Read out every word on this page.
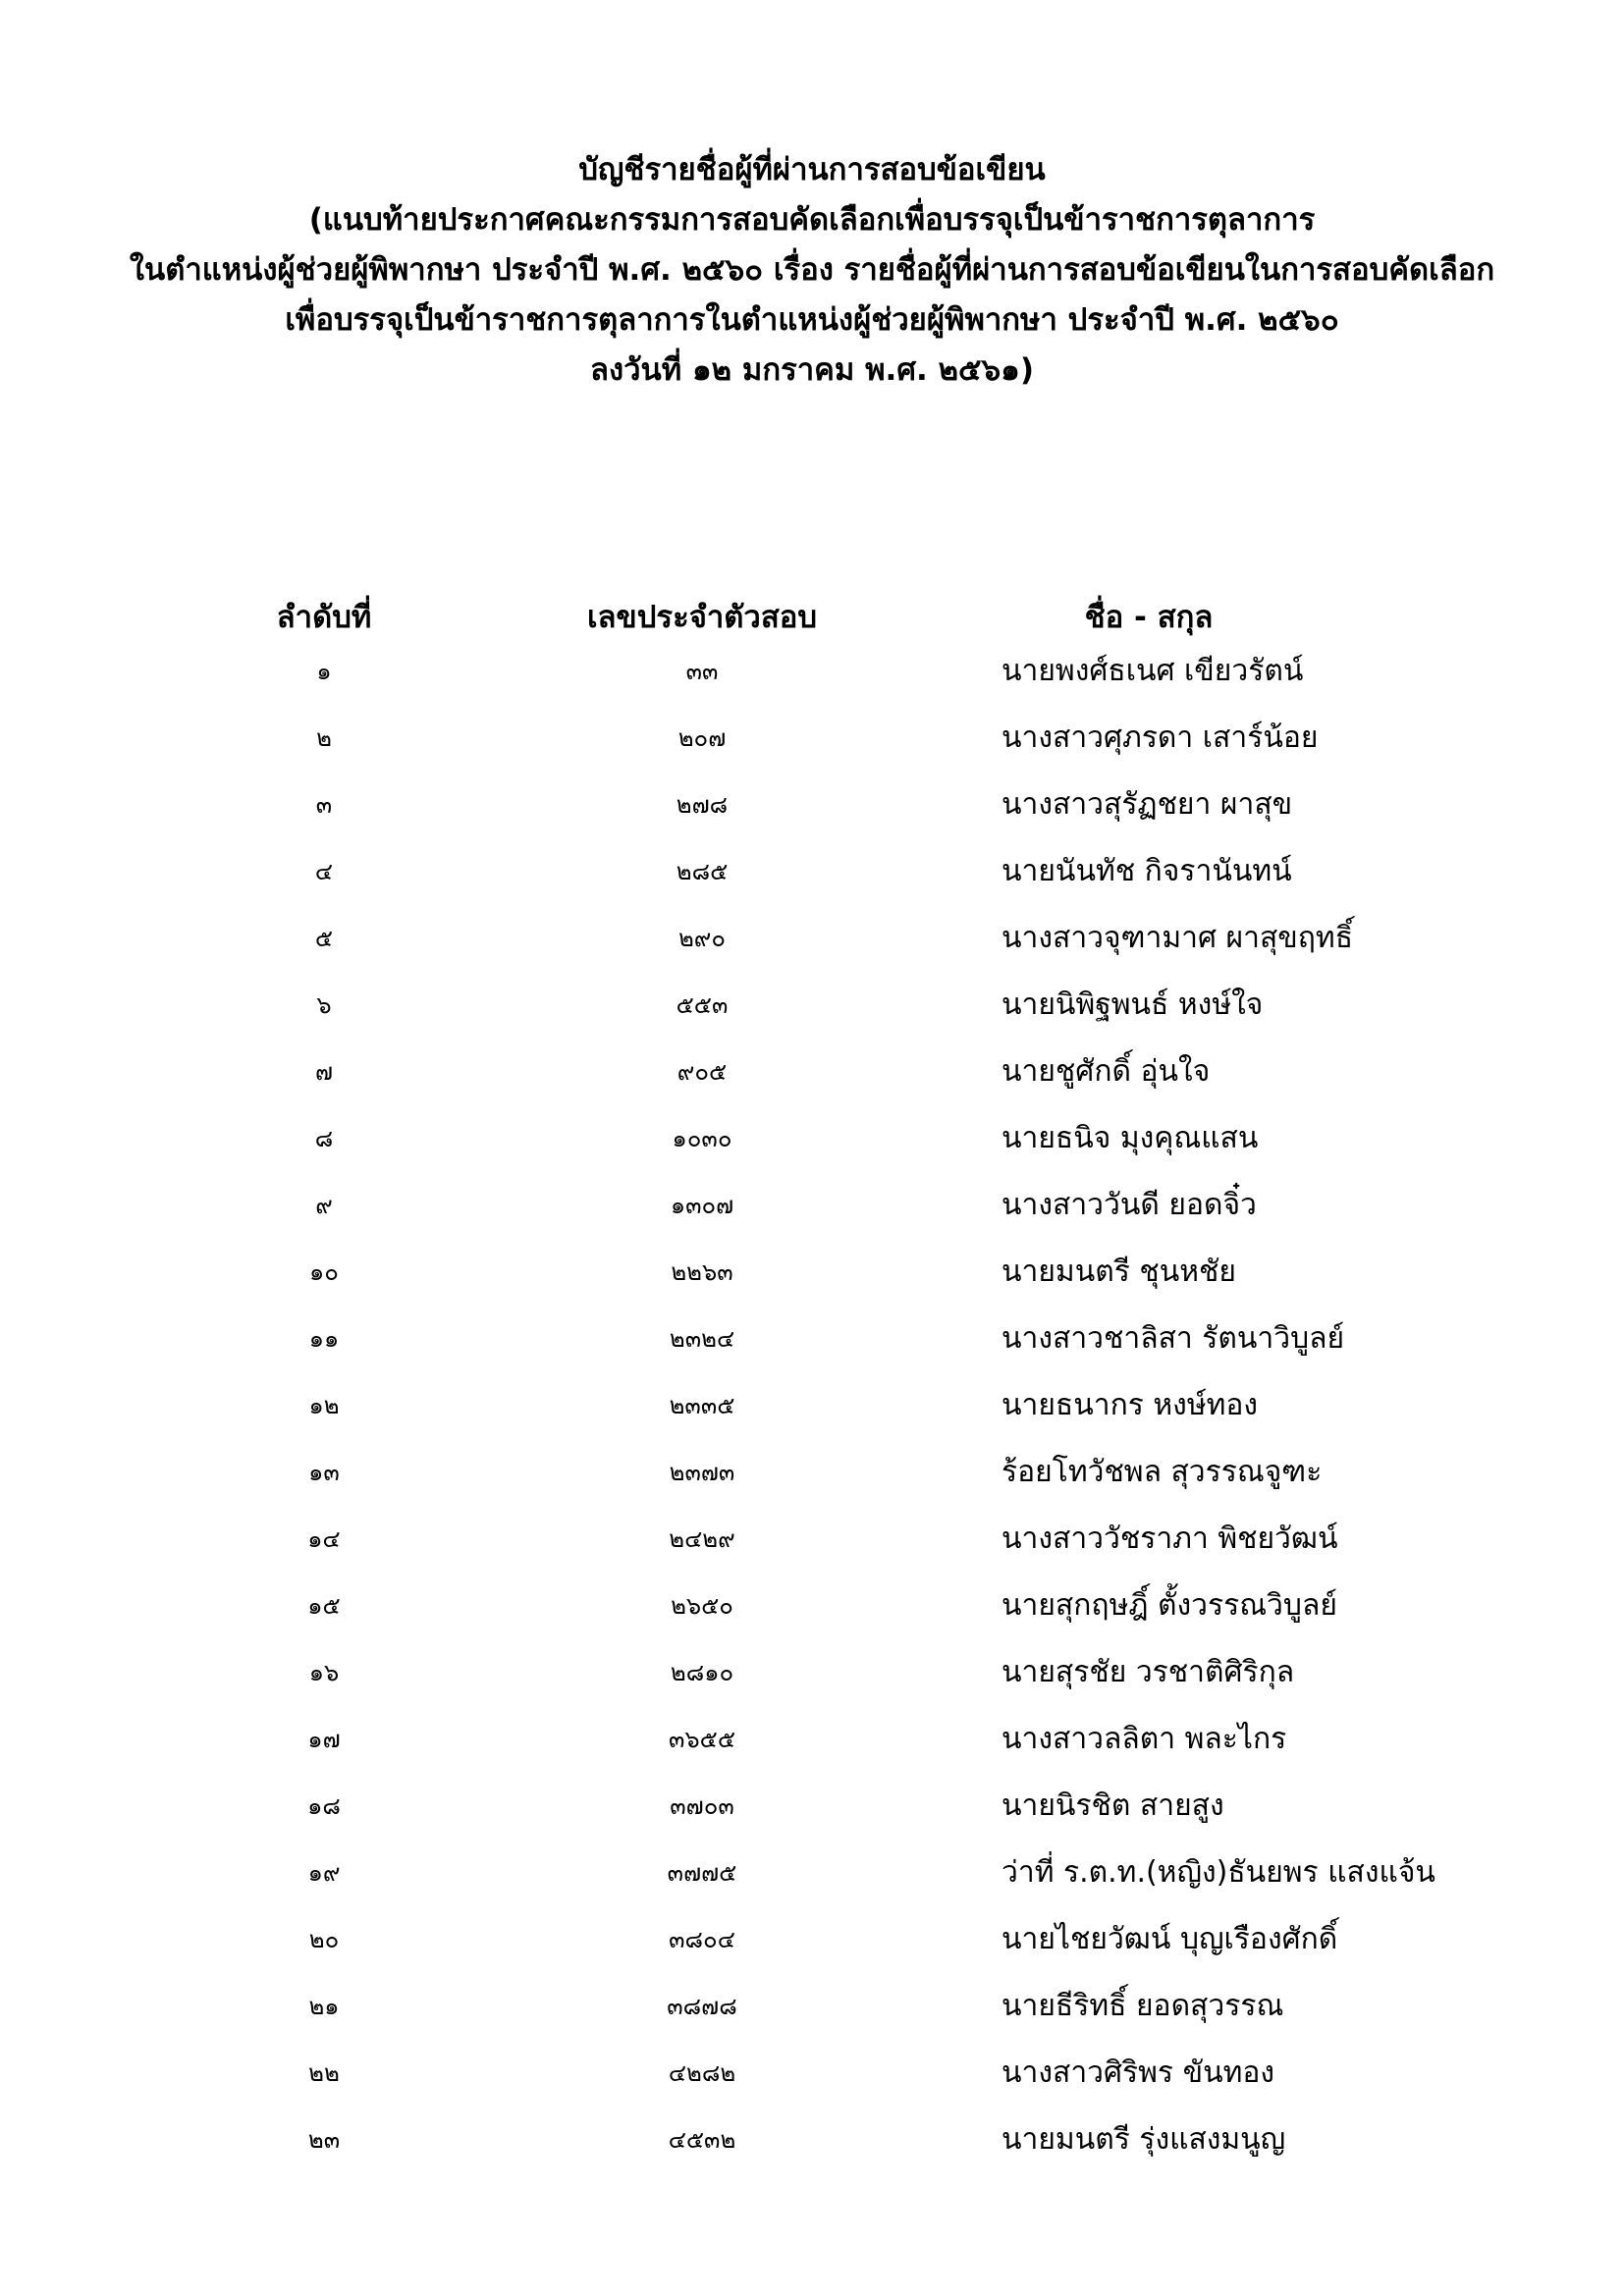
บัญชีรายชื่อผู้ที่ผ่านการสอบข้อเขียน
(แนบท้ายประกาศคณะกรรมการสอบคัดเลือกเพื่อบรรจุเป็นข้าราชการตุลาการ
ในตำแหน่งผู้ช่วยผู้พิพากษา ประจำปี พ.ศ. ๒๕๖๐ เรื่อง รายชื่อผู้ที่ผ่านการสอบข้อเขียนในการสอบคัดเลือก
เพื่อบรรจุเป็นข้าราชการตุลาการในตำแหน่งผู้ช่วยผู้พิพากษา ประจำปี พ.ศ. ๒๕๖๐
ลงวันที่ ๑๒ มกราคม พ.ศ. ๒๕๖๑)
ลำดับที่	เลขประจำตัวสอบ	ชื่อ - สกุล
๑	๓๓	นายพงศ์ธเนศ เขียวรัตน์
๒	๒๐๗	นางสาวศุภรดา เสาร์น้อย
๓	๒๗๘	นางสาวสุรัฏชยา ผาสุข
๔	๒๘๕	นายนันทัช กิจรานันทน์
๕	๒๙๐	นางสาวจุฑามาศ ผาสุขฤทธิ์
๖	๕๕๓	นายนิพิฐพนธ์ หงษ์ใจ
๗	๙๐๕	นายชูศักดิ์ อุ่นใจ
๘	๑๐๓๐	นายธนิจ มุงคุณแสน
๙	๑๓๐๗	นางสาววันดี ยอดจิ๋ว
๑๐	๒๒๖๓	นายมนตรี ชุนหชัย
๑๑	๒๓๒๔	นางสาวชาลิสา รัตนาวิบูลย์
๑๒	๒๓๓๕	นายธนากร หงษ์ทอง
๑๓	๒๓๗๓	ร้อยโทวัชพล สุวรรณจูฑะ
๑๔	๒๔๒๙	นางสาววัชราภา พิชยวัฒน์
๑๕	๒๖๕๐	นายสุกฤษฎิ์ ตั้งวรรณวิบูลย์
๑๖	๒๘๑๐	นายสุรชัย วรชาติศิริกุล
๑๗	๓๖๕๕	นางสาวลลิตา พละไกร
๑๘	๓๗๐๓	นายนิรชิต สายสูง
๑๙	๓๗๗๕	ว่าที่ ร.ต.ท.(หญิง)ธันยพร แสงแจ้น
๒๐	๓๘๐๔	นายไชยวัฒน์ บุญเรืองศักดิ์
๒๑	๓๘๗๘	นายธีริทธิ์ ยอดสุวรรณ
๒๒	๔๒๘๒	นางสาวศิริพร ขันทอง
๒๓	๔๕๓๒	นายมนตรี รุ่งแสงมนูญ
